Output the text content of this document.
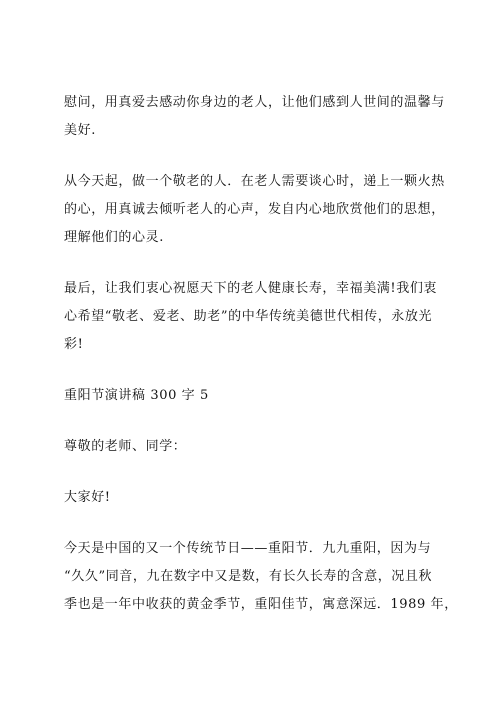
慰问，用真爱去感动你身边的老人，让他们感到人世间的温馨与
美好.

从今天起，做一个敬老的人．在老人需要谈心时，递上一颗火热
的心，用真诚去倾听老人的心声，发自内心地欣赏他们的思想，
理解他们的心灵.

最后，让我们衷心祝愿天下的老人健康长寿，幸福美满!我们衷
心希望“敬老、爱老、助老”的中华传统美德世代相传，永放光
彩!

重阳节演讲稿 300 字 5

尊敬的老师、同学：

大家好!

今天是中国的又一个传统节日——重阳节．九九重阳，因为与
“久久”同音，九在数字中又是数，有长久长寿的含意，况且秋
季也是一年中收获的黄金季节，重阳佳节，寓意深远．1989 年，
